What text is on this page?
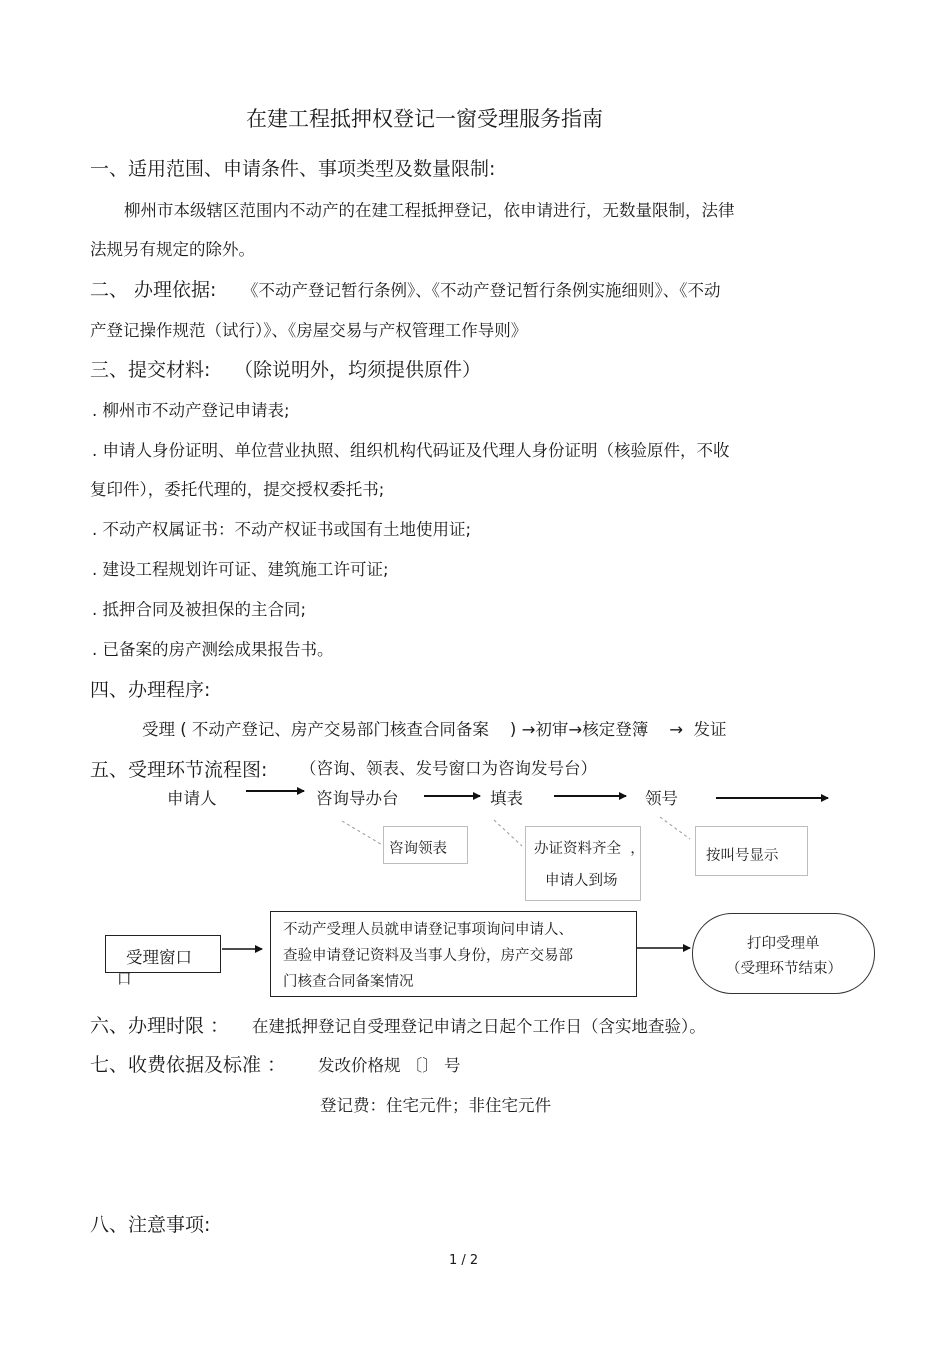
在建工程抵押权登记一窗受理服务指南
一、适用范围、申请条件、事项类型及数量限制:
柳州市本级辖区范围内不动产的在建工程抵押登记，依申请进行，无数量限制，法律
法规另有规定的除外。
二、 办理依据: 《不动产登记暂行条例》、《不动产登记暂行条例实施细则》、《不动
产登记操作规范（试行）》、《房屋交易与产权管理工作导则》
三、提交材料: （除说明外，均须提供原件）
. 柳州市不动产登记申请表;
. 申请人身份证明、单位营业执照、组织机构代码证及代理人身份证明（核验原件，不收
复印件），委托代理的，提交授权委托书;
. 不动产权属证书：不动产权证书或国有土地使用证;
. 建设工程规划许可证、建筑施工许可证;
. 抵押合同及被担保的主合同;
. 已备案的房产测绘成果报告书。
四、办理程序:
受理 ( 不动产登记、房产交易部门核查合同备案    ) →初审→核定登簿    →  发证
五、受理环节流程图: （咨询、领表、发号窗口为咨询发号台）
申请人	咨询导办台	填表	领号
咨询领表	办证资料齐全  ，
申请人到场
按叫号显示
受理窗口
口
不动产受理人员就申请登记事项询问申请人、
查验申请登记资料及当事人身份，房产交易部
门核查合同备案情况
打印受理单
（受理环节结束）
六、办理时限 ： 在建抵押登记自受理登记申请之日起个工作日（含实地查验）。
七、收费依据及标准 ： 发改价格规 〔〕 号
登记费：住宅元件；非住宅元件
八、注意事项:
1 / 2
